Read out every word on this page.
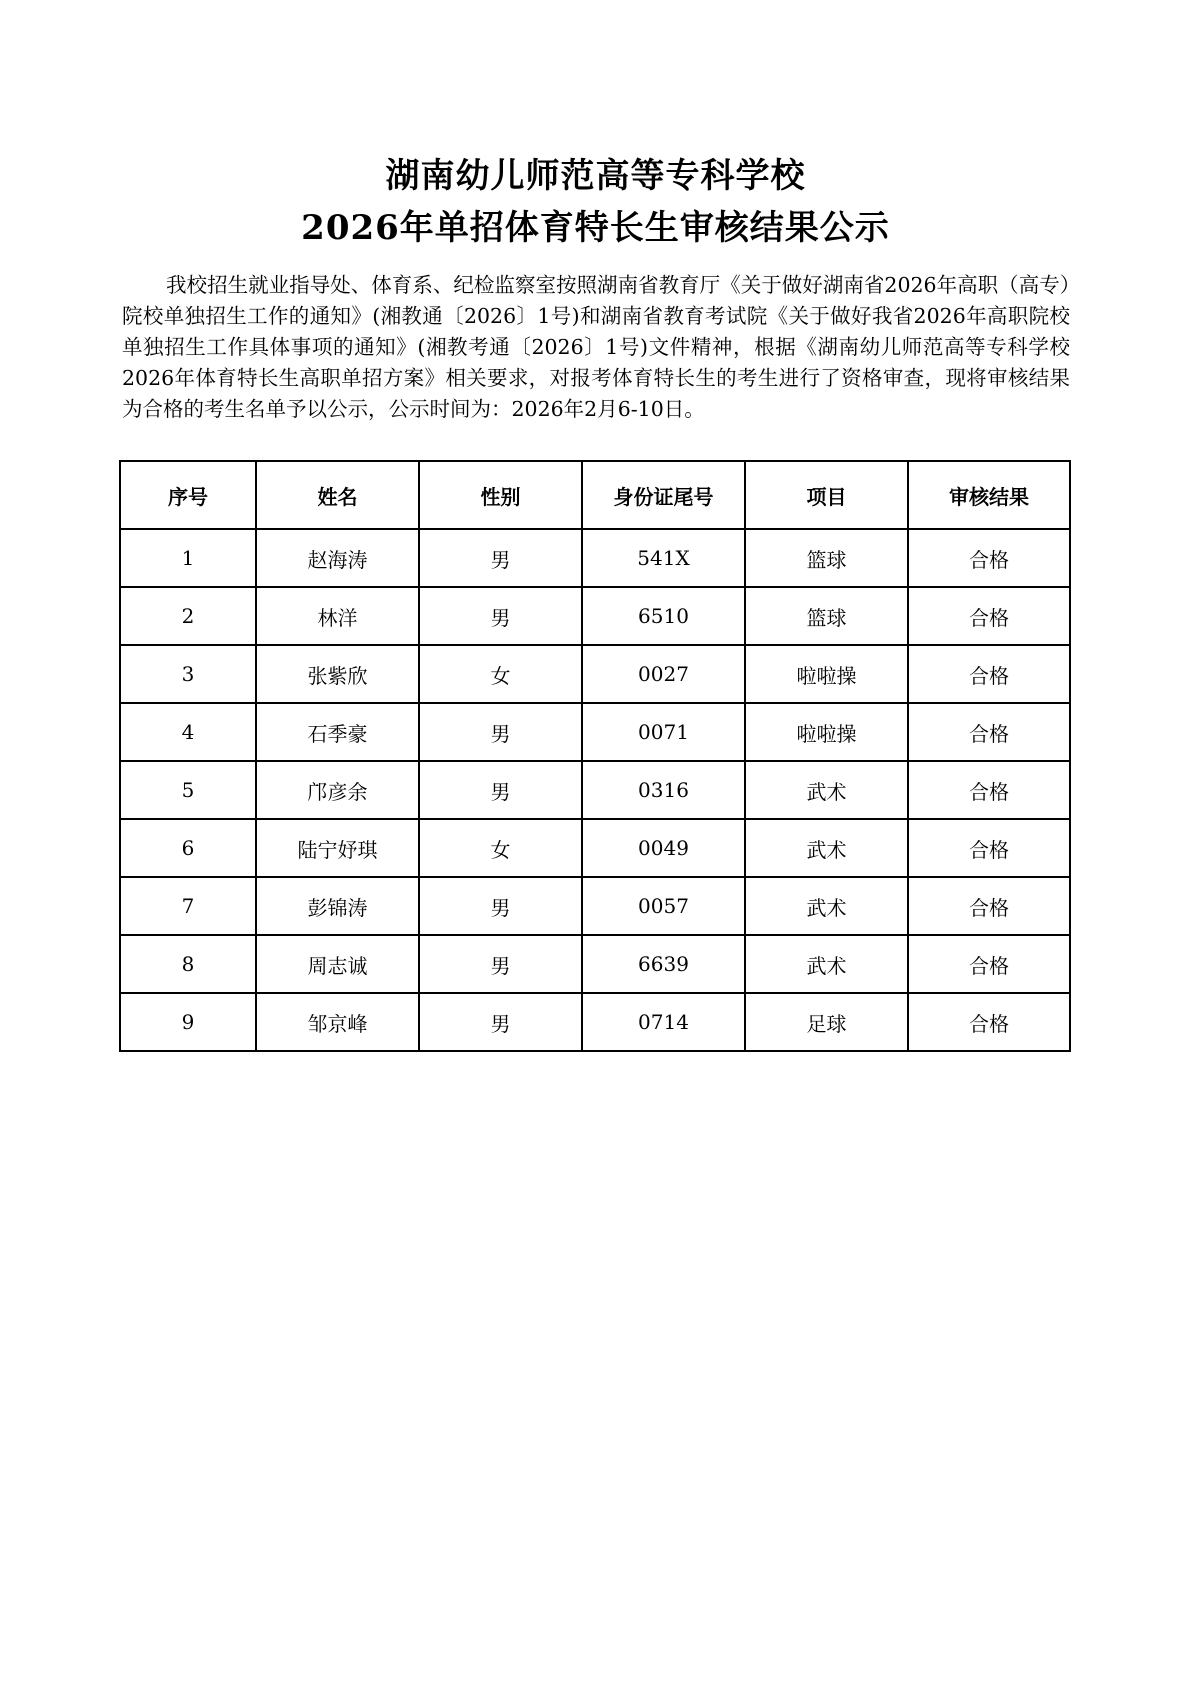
湖南幼儿师范高等专科学校
2026年单招体育特长生审核结果公示
我校招生就业指导处、体育系、纪检监察室按照湖南省教育厅《关于做好湖南省2026年高职（高专）院校单独招生工作的通知》(湘教通〔2026〕1号)和湖南省教育考试院《关于做好我省2026年高职院校单独招生工作具体事项的通知》(湘教考通〔2026〕1号)文件精神，根据《湖南幼儿师范高等专科学校2026年体育特长生高职单招方案》相关要求，对报考体育特长生的考生进行了资格审查，现将审核结果为合格的考生名单予以公示，公示时间为：2026年2月6-10日。
序号	姓名	性别	身份证尾号	项目	审核结果
1	赵海涛	男	541X	篮球	合格
2	林洋	男	6510	篮球	合格
3	张紫欣	女	0027	啦啦操	合格
4	石季豪	男	0071	啦啦操	合格
5	邝彦余	男	0316	武术	合格
6	陆宁妤琪	女	0049	武术	合格
7	彭锦涛	男	0057	武术	合格
8	周志诚	男	6639	武术	合格
9	邹京峰	男	0714	足球	合格
